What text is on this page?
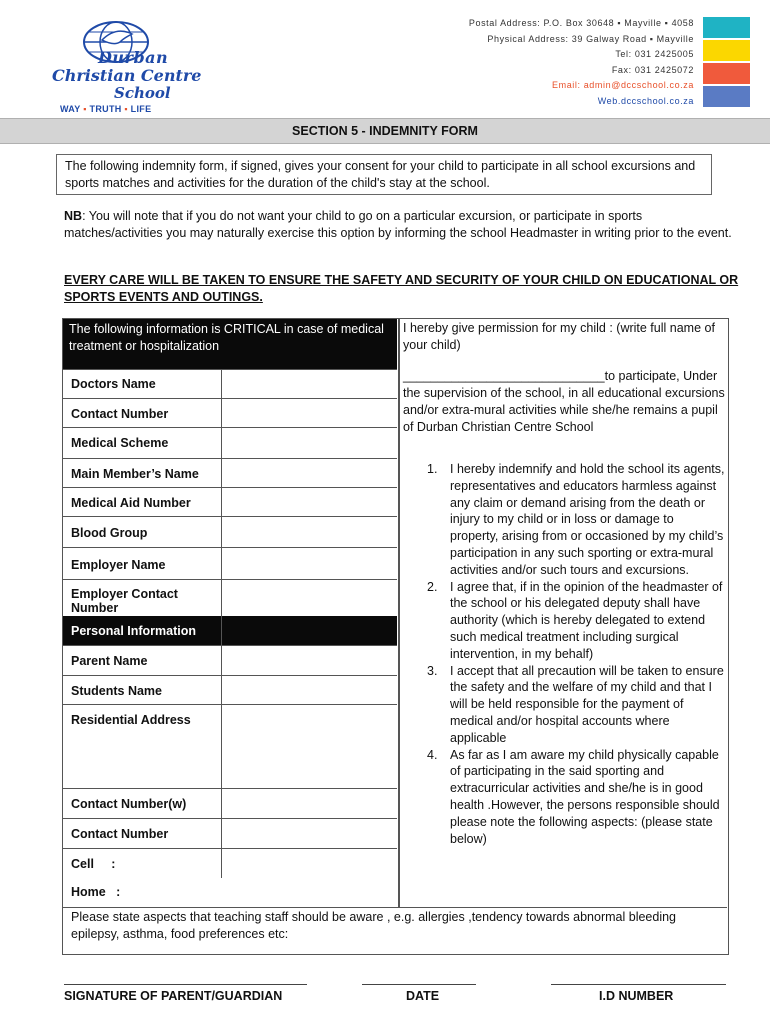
Durban
Christian Centre
School
WAY ▪ TRUTH ▪ LIFE
Postal Address: P.O. Box 30648 ▪ Mayville ▪ 4058
Physical Address: 39 Galway Road ▪ Mayville
Tel: 031 2425005
Fax: 031 2425072
Email: admin@dccschool.co.za
Web.dccschool.co.za
SECTION 5 - INDEMNITY FORM
The following indemnity form, if signed, gives your consent for your child to participate in all school excursions and sports matches and activities for the duration of the child's stay at the school.
NB: You will note that if you do not want your child to go on a particular excursion, or participate in sports matches/activities you may naturally exercise this option by informing the school Headmaster in writing prior to the event.
EVERY CARE WILL BE TAKEN TO ENSURE THE SAFETY AND SECURITY OF YOUR CHILD ON EDUCATIONAL OR SPORTS EVENTS AND OUTINGS.
The following information is CRITICAL in case of medical treatment or hospitalization
Doctors Name
Contact Number
Medical Scheme
Main Member’s Name
Medical Aid Number
Blood Group
Employer Name
Employer Contact Number
Personal Information
Parent Name
Students Name
Residential Address
Contact Number(w)
Contact Number
Cell     :
Home   :
I hereby give permission for my child : (write full name of your child)
_____________________________to participate, Under the supervision of the school, in all educational excursions and/or extra-mural activities while she/he remains a pupil of Durban Christian Centre School
1. I hereby indemnify and hold the school its agents, representatives and educators harmless against any claim or demand arising from the death or injury to my child or in loss or damage to property, arising from or occasioned by my child’s participation in any such sporting or extra-mural activities and/or such tours and excursions.
2. I agree that, if in the opinion of the headmaster of the school or his delegated deputy shall have authority (which is hereby delegated to extend such medical treatment including surgical intervention, in my behalf)
3. I accept that all precaution will be taken to ensure the safety and the welfare of my child and that I will be held responsible for the payment of medical and/or hospital accounts where applicable
4. As far as I am aware my child physically capable of participating in the said sporting and extracurricular activities and she/he is in good health .However, the persons responsible should please note the following aspects: (please state below)
Please state aspects that teaching staff should be aware , e.g. allergies ,tendency towards abnormal bleeding epilepsy, asthma, food preferences etc:
SIGNATURE OF PARENT/GUARDIAN	DATE	I.D NUMBER
